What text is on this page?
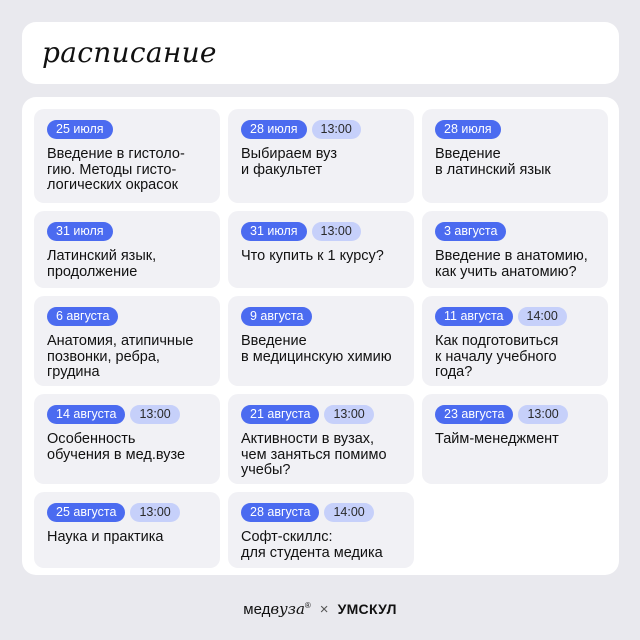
расписание
25 июля
Введение в гистоло-
гию. Методы гисто-
логических окрасок
28 июля	13:00
Выбираем вуз
и факультет
28 июля
Введение
в латинский язык
31 июля
Латинский язык,
продолжение
31 июля	13:00
Что купить к 1 курсу?
3 августа
Введение в анатомию,
как учить анатомию?
6 августа
Анатомия, атипичные
позвонки, ребра,
грудина
9 августа
Введение
в медицинскую химию
11 августа	14:00
Как подготовиться
к началу учебного
года?
14 августа	13:00
Особенность
обучения в мед.вузе
21 августа	13:00
Активности в вузах,
чем заняться помимо
учебы?
23 августа	13:00
Тайм-менеджмент
25 августа	13:00
Наука и практика
28 августа	14:00
Софт-скиллс:
для студента медика
медвуза® × УМСКУЛ
